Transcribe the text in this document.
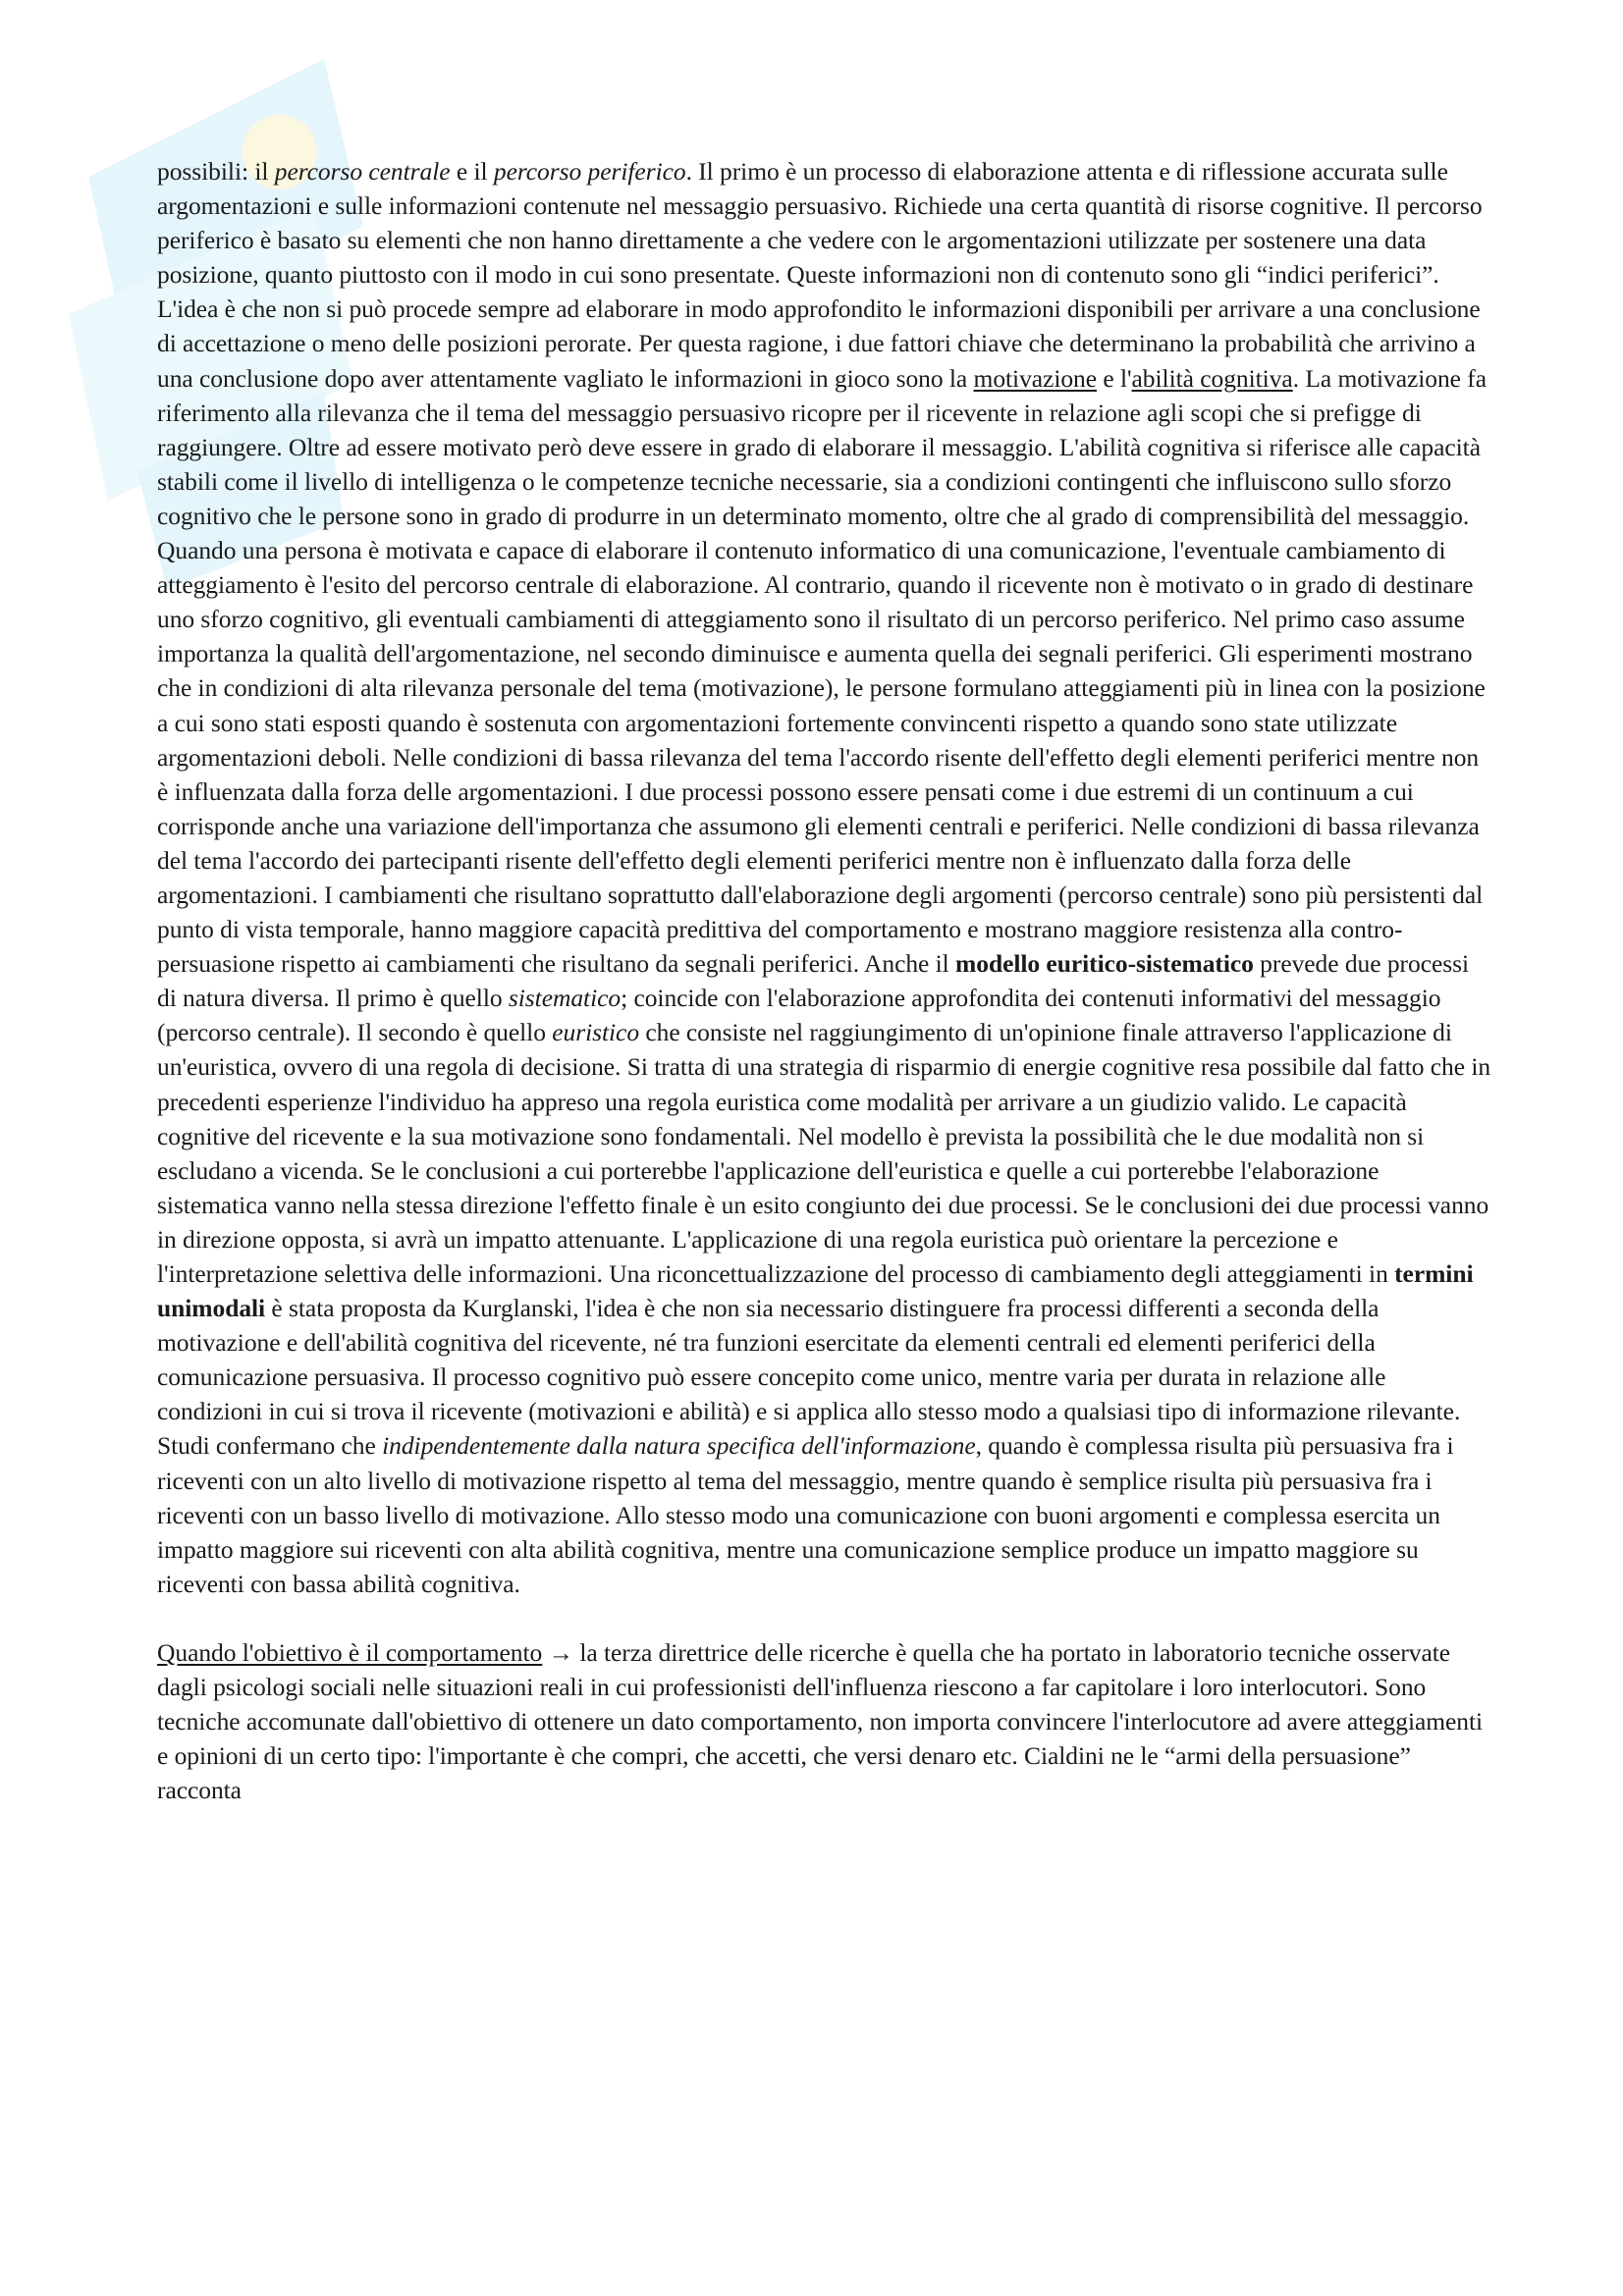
possibili: il percorso centrale e il percorso periferico. Il primo è un processo di elaborazione attenta e di riflessione accurata sulle argomentazioni e sulle informazioni contenute nel messaggio persuasivo. Richiede una certa quantità di risorse cognitive. Il percorso periferico è basato su elementi che non hanno direttamente a che vedere con le argomentazioni utilizzate per sostenere una data posizione, quanto piuttosto con il modo in cui sono presentate. Queste informazioni non di contenuto sono gli “indici periferici”. L'idea è che non si può procede sempre ad elaborare in modo approfondito le informazioni disponibili per arrivare a una conclusione di accettazione o meno delle posizioni perorate. Per questa ragione, i due fattori chiave che determinano la probabilità che arrivino a una conclusione dopo aver attentamente vagliato le informazioni in gioco sono la motivazione e l'abilità cognitiva. La motivazione fa riferimento alla rilevanza che il tema del messaggio persuasivo ricopre per il ricevente in relazione agli scopi che si prefigge di raggiungere. Oltre ad essere motivato però deve essere in grado di elaborare il messaggio. L'abilità cognitiva si riferisce alle capacità stabili come il livello di intelligenza o le competenze tecniche necessarie, sia a condizioni contingenti che influiscono sullo sforzo cognitivo che le persone sono in grado di produrre in un determinato momento, oltre che al grado di comprensibilità del messaggio. Quando una persona è motivata e capace di elaborare il contenuto informatico di una comunicazione, l'eventuale cambiamento di atteggiamento è l'esito del percorso centrale di elaborazione. Al contrario, quando il ricevente non è motivato o in grado di destinare uno sforzo cognitivo, gli eventuali cambiamenti di atteggiamento sono il risultato di un percorso periferico. Nel primo caso assume importanza la qualità dell'argomentazione, nel secondo diminuisce e aumenta quella dei segnali periferici. Gli esperimenti mostrano che in condizioni di alta rilevanza personale del tema (motivazione), le persone formulano atteggiamenti più in linea con la posizione a cui sono stati esposti quando è sostenuta con argomentazioni fortemente convincenti rispetto a quando sono state utilizzate argomentazioni deboli. Nelle condizioni di bassa rilevanza del tema l'accordo risente dell'effetto degli elementi periferici mentre non è influenzata dalla forza delle argomentazioni. I due processi possono essere pensati come i due estremi di un continuum a cui corrisponde anche una variazione dell'importanza che assumono gli elementi centrali e periferici. Nelle condizioni di bassa rilevanza del tema l'accordo dei partecipanti risente dell'effetto degli elementi periferici mentre non è influenzato dalla forza delle argomentazioni. I cambiamenti che risultano soprattutto dall'elaborazione degli argomenti (percorso centrale) sono più persistenti dal punto di vista temporale, hanno maggiore capacità predittiva del comportamento e mostrano maggiore resistenza alla contro-persuasione rispetto ai cambiamenti che risultano da segnali periferici. Anche il modello euritico-sistematico prevede due processi di natura diversa. Il primo è quello sistematico; coincide con l'elaborazione approfondita dei contenuti informativi del messaggio (percorso centrale). Il secondo è quello euristico che consiste nel raggiungimento di un'opinione finale attraverso l'applicazione di un'euristica, ovvero di una regola di decisione. Si tratta di una strategia di risparmio di energie cognitive resa possibile dal fatto che in precedenti esperienze l'individuo ha appreso una regola euristica come modalità per arrivare a un giudizio valido. Le capacità cognitive del ricevente e la sua motivazione sono fondamentali. Nel modello è prevista la possibilità che le due modalità non si escludano a vicenda. Se le conclusioni a cui porterebbe l'applicazione dell'euristica e quelle a cui porterebbe l'elaborazione sistematica vanno nella stessa direzione l'effetto finale è un esito congiunto dei due processi. Se le conclusioni dei due processi vanno in direzione opposta, si avrà un impatto attenuante. L'applicazione di una regola euristica può orientare la percezione e l'interpretazione selettiva delle informazioni. Una riconcettualizzazione del processo di cambiamento degli atteggiamenti in termini unimodali è stata proposta da Kurglanski, l'idea è che non sia necessario distinguere fra processi differenti a seconda della motivazione e dell'abilità cognitiva del ricevente, né tra funzioni esercitate da elementi centrali ed elementi periferici della comunicazione persuasiva. Il processo cognitivo può essere concepito come unico, mentre varia per durata in relazione alle condizioni in cui si trova il ricevente (motivazioni e abilità) e si applica allo stesso modo a qualsiasi tipo di informazione rilevante. Studi confermano che indipendentemente dalla natura specifica dell'informazione, quando è complessa risulta più persuasiva fra i riceventi con un alto livello di motivazione rispetto al tema del messaggio, mentre quando è semplice risulta più persuasiva fra i riceventi con un basso livello di motivazione. Allo stesso modo una comunicazione con buoni argomenti e complessa esercita un impatto maggiore sui riceventi con alta abilità cognitiva, mentre una comunicazione semplice produce un impatto maggiore su riceventi con bassa abilità cognitiva.

Quando l'obiettivo è il comportamento → la terza direttrice delle ricerche è quella che ha portato in laboratorio tecniche osservate dagli psicologi sociali nelle situazioni reali in cui professionisti dell'influenza riescono a far capitolare i loro interlocutori. Sono tecniche accomunate dall'obiettivo di ottenere un dato comportamento, non importa convincere l'interlocutore ad avere atteggiamenti e opinioni di un certo tipo: l'importante è che compri, che accetti, che versi denaro etc. Cialdini ne le “armi della persuasione” racconta
